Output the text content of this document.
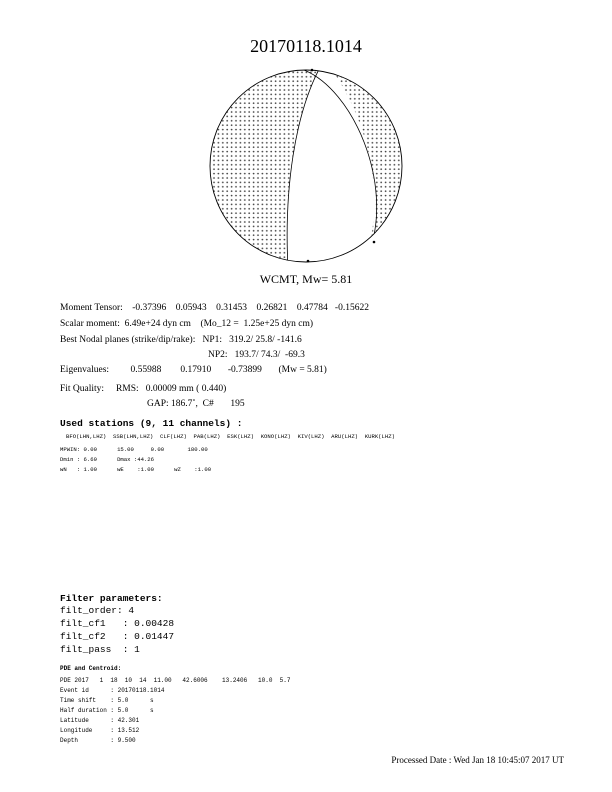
20170118.1014
WCMT, Mw= 5.81
Moment Tensor: -0.37396    0.05943    0.31453    0.26821    0.47784   -0.15622
Scalar moment:  6.49e+24 dyn cm    (Mo_12 =  1.25e+25 dyn cm)
Best Nodal planes (strike/dip/rake): NP1:   319.2/ 25.8/ -141.6
NP2:   193.7/ 74.3/  -69.3
Eigenvalues:         0.55988        0.17910       -0.73899       (Mw = 5.81)
Fit Quality:     RMS:   0.00009 mm ( 0.440)
GAP: 186.7˚,  C#       195
Used stations (9, 11 channels) :
BFO(LHN,LHZ)  SSB(LHN,LHZ)  CLF(LHZ)  PAB(LHZ)  ESK(LHZ)  KONO(LHZ)  KIV(LHZ)  ARU(LHZ)  KURK(LHZ)
MPWIN: 0.00      15.00     0.00       180.00
Dmin : 6.69      Dmax :44.26
wN   : 1.00      wE    :1.00      wZ    :1.00
Filter parameters:
filt_order: 4
filt_cf1   : 0.00428
filt_cf2   : 0.01447
filt_pass  : 1
PDE and Centroid:
PDE 2017   1  18  10  14  11.00   42.6006    13.2406   10.0  5.7
Event id      : 20170118.1014
Time shift    : 5.0      s
Half duration : 5.0      s
Latitude      : 42.301
Longitude     : 13.512
Depth         : 9.500
Processed Date : Wed Jan 18 10:45:07 2017 UT
